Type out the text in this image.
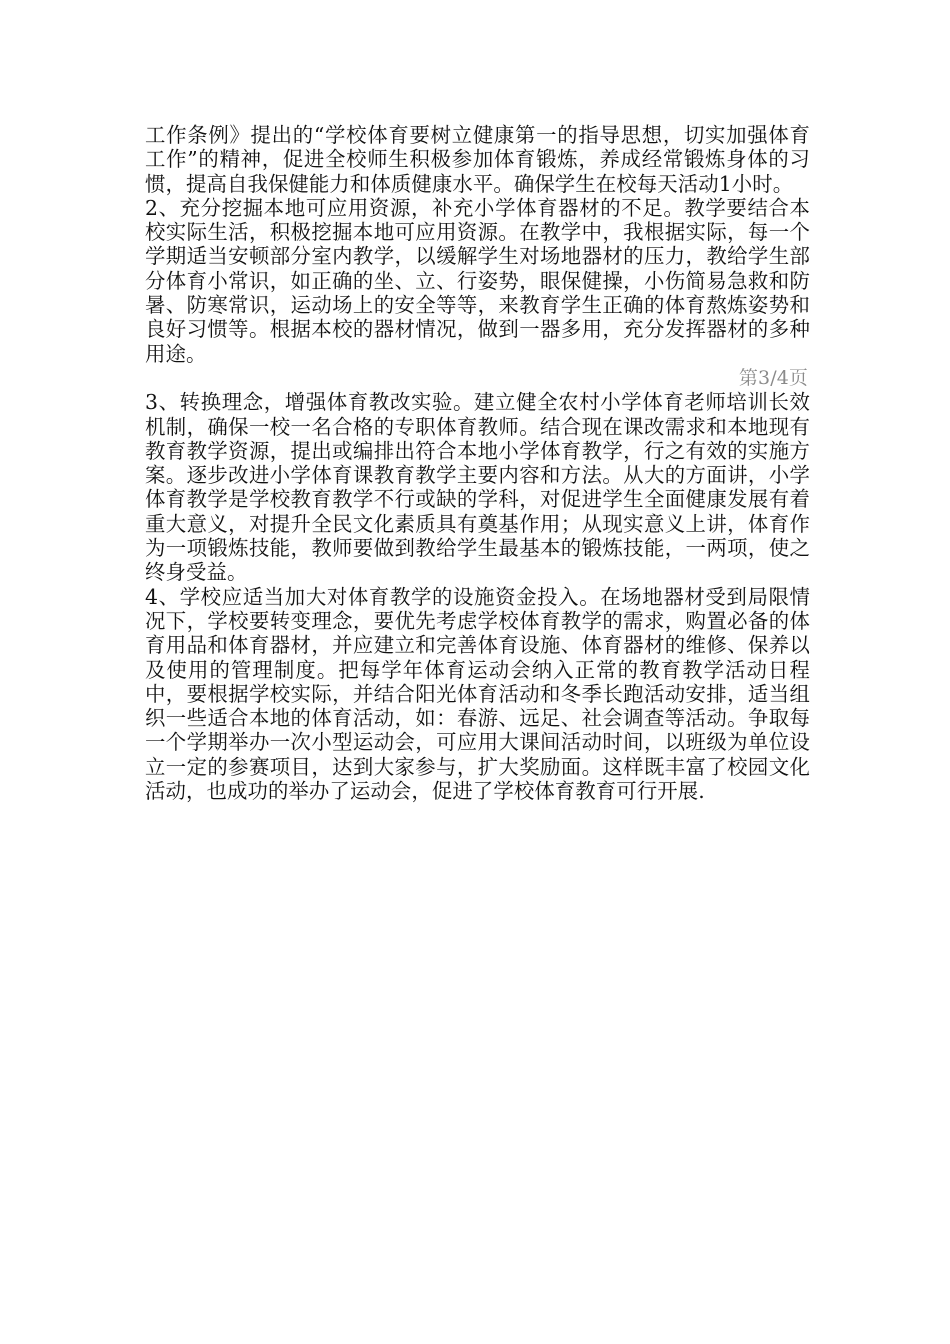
工作条例》提出的“学校体育要树立健康第一的指导思想，切实加强体育工作”的精神，促进全校师生积极参加体育锻炼，养成经常锻炼身体的习惯，提高自我保健能力和体质健康水平。确保学生在校每天活动1小时。

2、充分挖掘本地可应用资源，补充小学体育器材的不足。教学要结合本校实际生活，积极挖掘本地可应用资源。在教学中，我根据实际，每一个学期适当安顿部分室内教学，以缓解学生对场地器材的压力，教给学生部分体育小常识，如正确的坐、立、行姿势，眼保健操，小伤简易急救和防暑、防寒常识，运动场上的安全等等，来教育学生正确的体育熬炼姿势和良好习惯等。根据本校的器材情况，做到一器多用，充分发挥器材的多种用途。

第3/4页

3、转换理念，增强体育教改实验。建立健全农村小学体育老师培训长效机制，确保一校一名合格的专职体育教师。结合现在课改需求和本地现有教育教学资源，提出或编排出符合本地小学体育教学，行之有效的实施方案。逐步改进小学体育课教育教学主要内容和方法。从大的方面讲，小学体育教学是学校教育教学不行或缺的学科，对促进学生全面健康发展有着重大意义，对提升全民文化素质具有奠基作用；从现实意义上讲，体育作为一项锻炼技能，教师要做到教给学生最基本的锻炼技能，一两项，使之终身受益。

4、学校应适当加大对体育教学的设施资金投入。在场地器材受到局限情况下，学校要转变理念，要优先考虑学校体育教学的需求，购置必备的体育用品和体育器材，并应建立和完善体育设施、体育器材的维修、保养以及使用的管理制度。把每学年体育运动会纳入正常的教育教学活动日程中，要根据学校实际，并结合阳光体育活动和冬季长跑活动安排，适当组织一些适合本地的体育活动，如：春游、远足、社会调查等活动。争取每一个学期举办一次小型运动会，可应用大课间活动时间，以班级为单位设立一定的参赛项目，达到大家参与，扩大奖励面。这样既丰富了校园文化活动，也成功的举办了运动会，促进了学校体育教育可行开展.
